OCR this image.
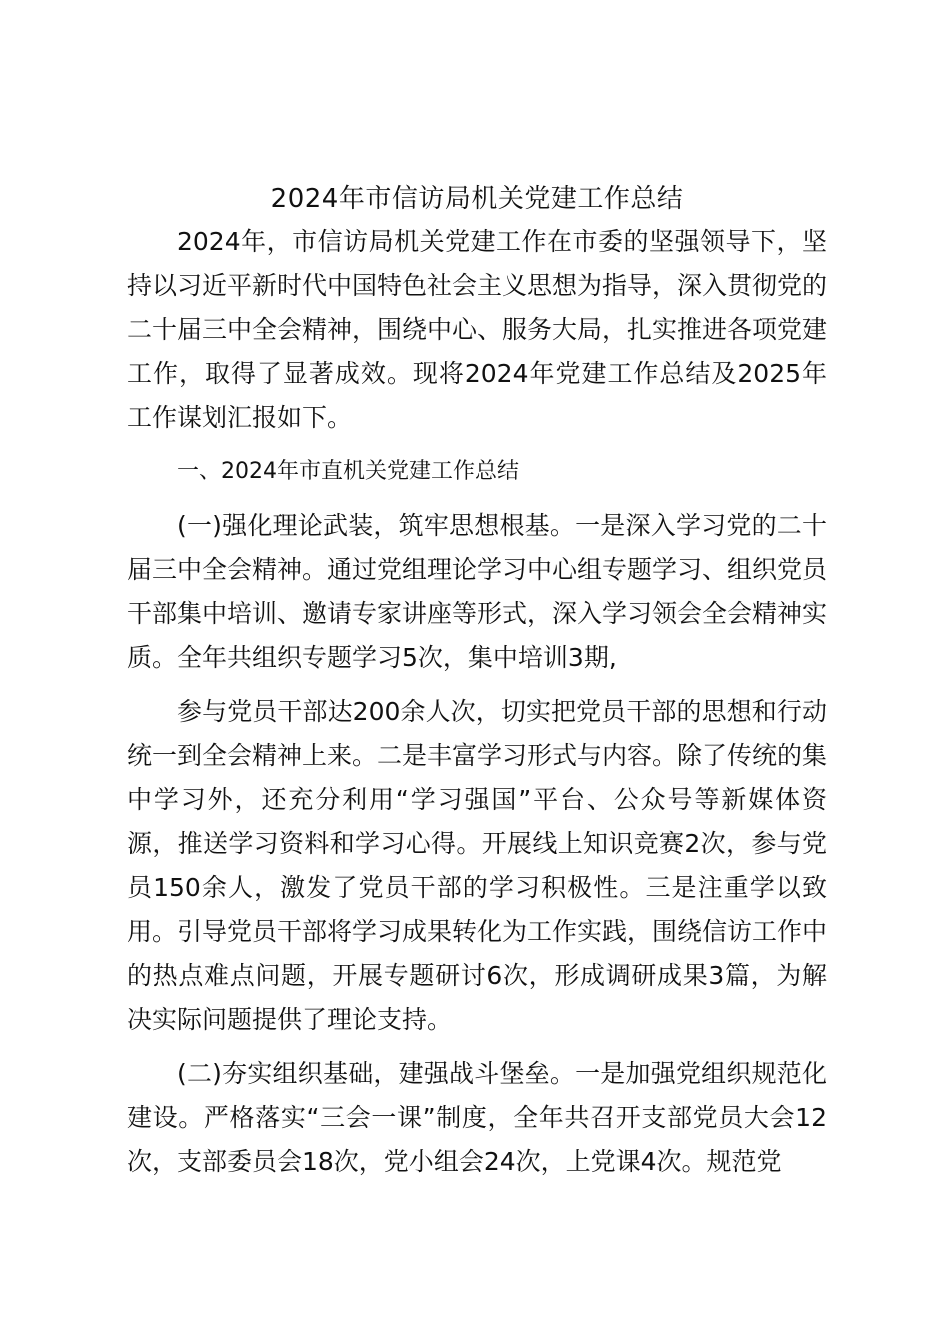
2024年市信访局机关党建工作总结

2024年，市信访局机关党建工作在市委的坚强领导下，坚持以习近平新时代中国特色社会主义思想为指导，深入贯彻党的二十届三中全会精神，围绕中心、服务大局，扎实推进各项党建工作，取得了显著成效。现将2024年党建工作总结及2025年工作谋划汇报如下。

一、2024年市直机关党建工作总结

(一)强化理论武装，筑牢思想根基。一是深入学习党的二十届三中全会精神。通过党组理论学习中心组专题学习、组织党员干部集中培训、邀请专家讲座等形式，深入学习领会全会精神实质。全年共组织专题学习5次，集中培训3期,

参与党员干部达200余人次，切实把党员干部的思想和行动统一到全会精神上来。二是丰富学习形式与内容。除了传统的集中学习外，还充分利用“学习强国”平台、公众号等新媒体资源，推送学习资料和学习心得。开展线上知识竞赛2次，参与党员150余人，激发了党员干部的学习积极性。三是注重学以致用。引导党员干部将学习成果转化为工作实践，围绕信访工作中的热点难点问题，开展专题研讨6次，形成调研成果3篇，为解决实际问题提供了理论支持。

(二)夯实组织基础，建强战斗堡垒。一是加强党组织规范化建设。严格落实“三会一课”制度，全年共召开支部党员大会12次，支部委员会18次，党小组会24次，上党课4次。规范党
